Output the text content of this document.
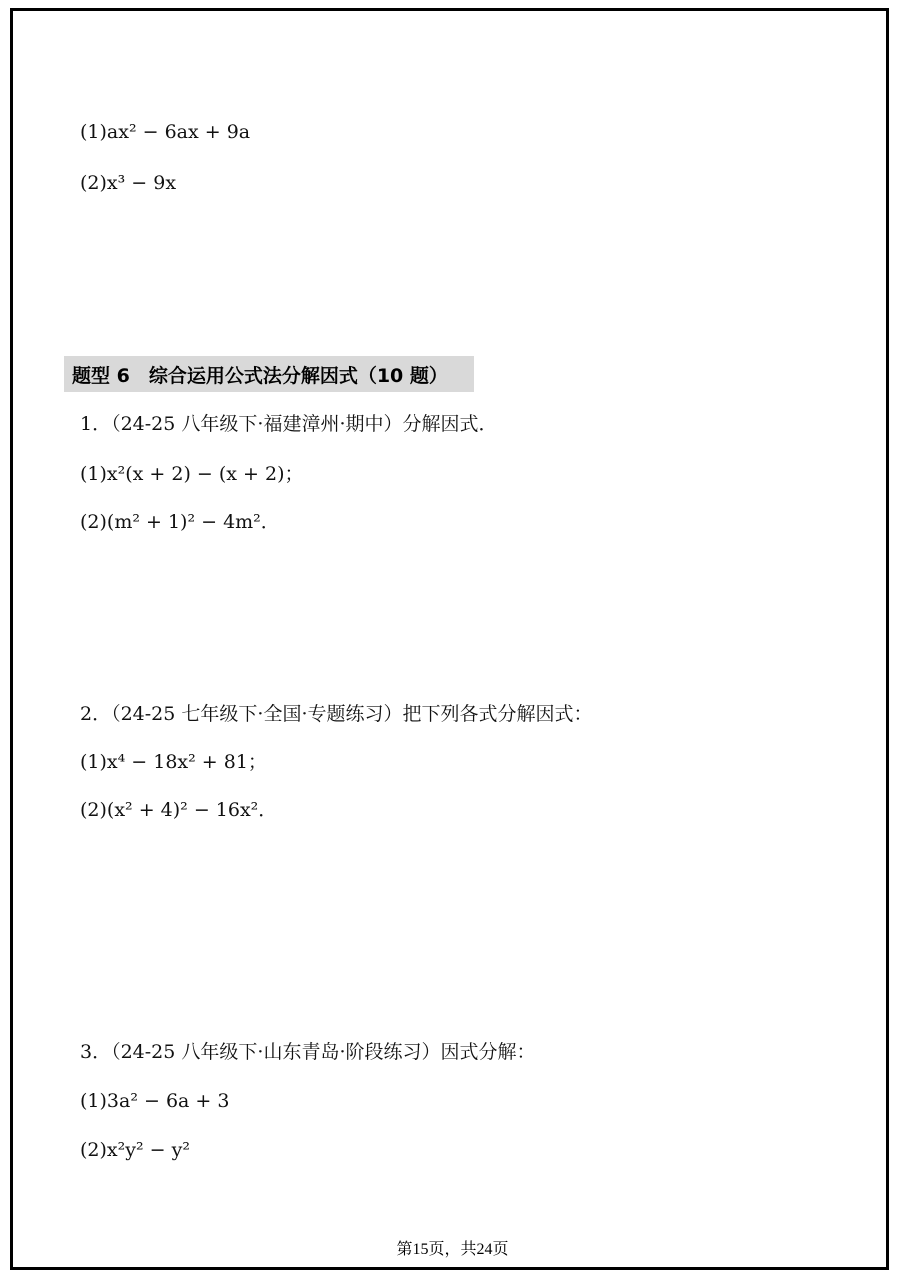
(1)ax² − 6ax + 9a
(2)x³ − 9x
题型 6　综合运用公式法分解因式（10 题）
1．（24-25 八年级下·福建漳州·期中）分解因式．
(1)x²(x + 2) − (x + 2)；
(2)(m² + 1)² − 4m²．
2．（24-25 七年级下·全国·专题练习）把下列各式分解因式：
(1)x⁴ − 18x² + 81；
(2)(x² + 4)² − 16x²．
3．（24-25 八年级下·山东青岛·阶段练习）因式分解：
(1)3a² − 6a + 3
(2)x²y² − y²
第15页，共24页
